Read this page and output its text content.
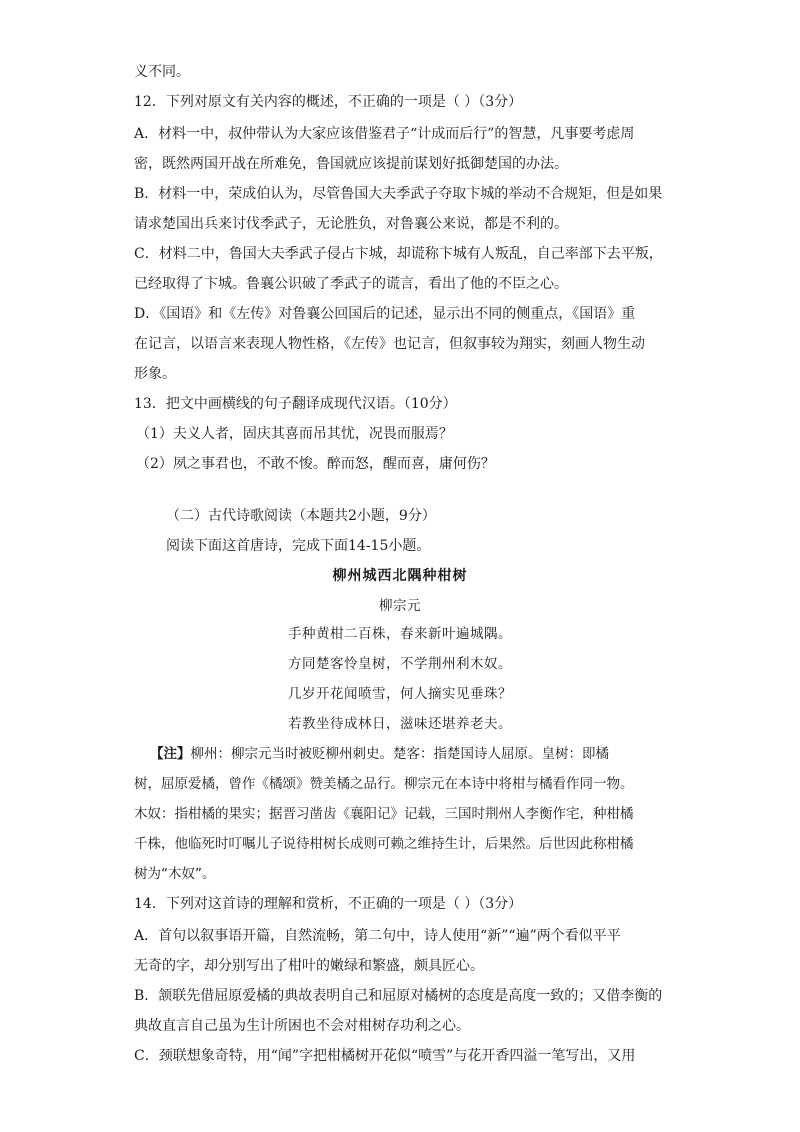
义不同。
12．下列对原文有关内容的概述，不正确的一项是（ ）（3分）
A．材料一中，叔仲带认为大家应该借鉴君子“计成而后行”的智慧，凡事要考虑周
密，既然两国开战在所难免，鲁国就应该提前谋划好抵御楚国的办法。
B．材料一中，荣成伯认为，尽管鲁国大夫季武子夺取卞城的举动不合规矩，但是如果
请求楚国出兵来讨伐季武子，无论胜负，对鲁襄公来说，都是不利的。
C．材料二中，鲁国大夫季武子侵占卞城，却谎称卞城有人叛乱，自己率部下去平叛，
已经取得了卞城。鲁襄公识破了季武子的谎言，看出了他的不臣之心。
D．《国语》和《左传》对鲁襄公回国后的记述，显示出不同的侧重点，《国语》重
在记言，以语言来表现人物性格，《左传》也记言，但叙事较为翔实，刻画人物生动
形象。
13．把文中画横线的句子翻译成现代汉语。（10分）
（1）夫义人者，固庆其喜而吊其忧，况畏而服焉？
（2）夙之事君也，不敢不悛。醉而怒，醒而喜，庸何伤？
（二）古代诗歌阅读（本题共2小题，9分）
阅读下面这首唐诗，完成下面14-15小题。
柳州城西北隅种柑树
柳宗元
手种黄柑二百株，春来新叶遍城隅。
方同楚客怜皇树，不学荆州利木奴。
几岁开花闻喷雪，何人摘实见垂珠？
若教坐待成林日，滋味还堪养老夫。
【注】柳州：柳宗元当时被贬柳州刺史。楚客：指楚国诗人屈原。皇树：即橘
树，屈原爱橘，曾作《橘颂》赞美橘之品行。柳宗元在本诗中将柑与橘看作同一物。
木奴：指柑橘的果实；据晋习凿齿《襄阳记》记载，三国时荆州人李衡作宅，种柑橘
千株，他临死时叮嘱儿子说待柑树长成则可赖之维持生计，后果然。后世因此称柑橘
树为“木奴”。
14．下列对这首诗的理解和赏析，不正确的一项是（ ）（3分）
A．首句以叙事语开篇，自然流畅，第二句中，诗人使用“新”“遍”两个看似平平
无奇的字，却分别写出了柑叶的嫩绿和繁盛，颇具匠心。
B．颔联先借屈原爱橘的典故表明自己和屈原对橘树的态度是高度一致的；又借李衡的
典故直言自己虽为生计所困也不会对柑树存功利之心。
C．颈联想象奇特，用“闻”字把柑橘树开花似“喷雪”与花开香四溢一笔写出，又用
